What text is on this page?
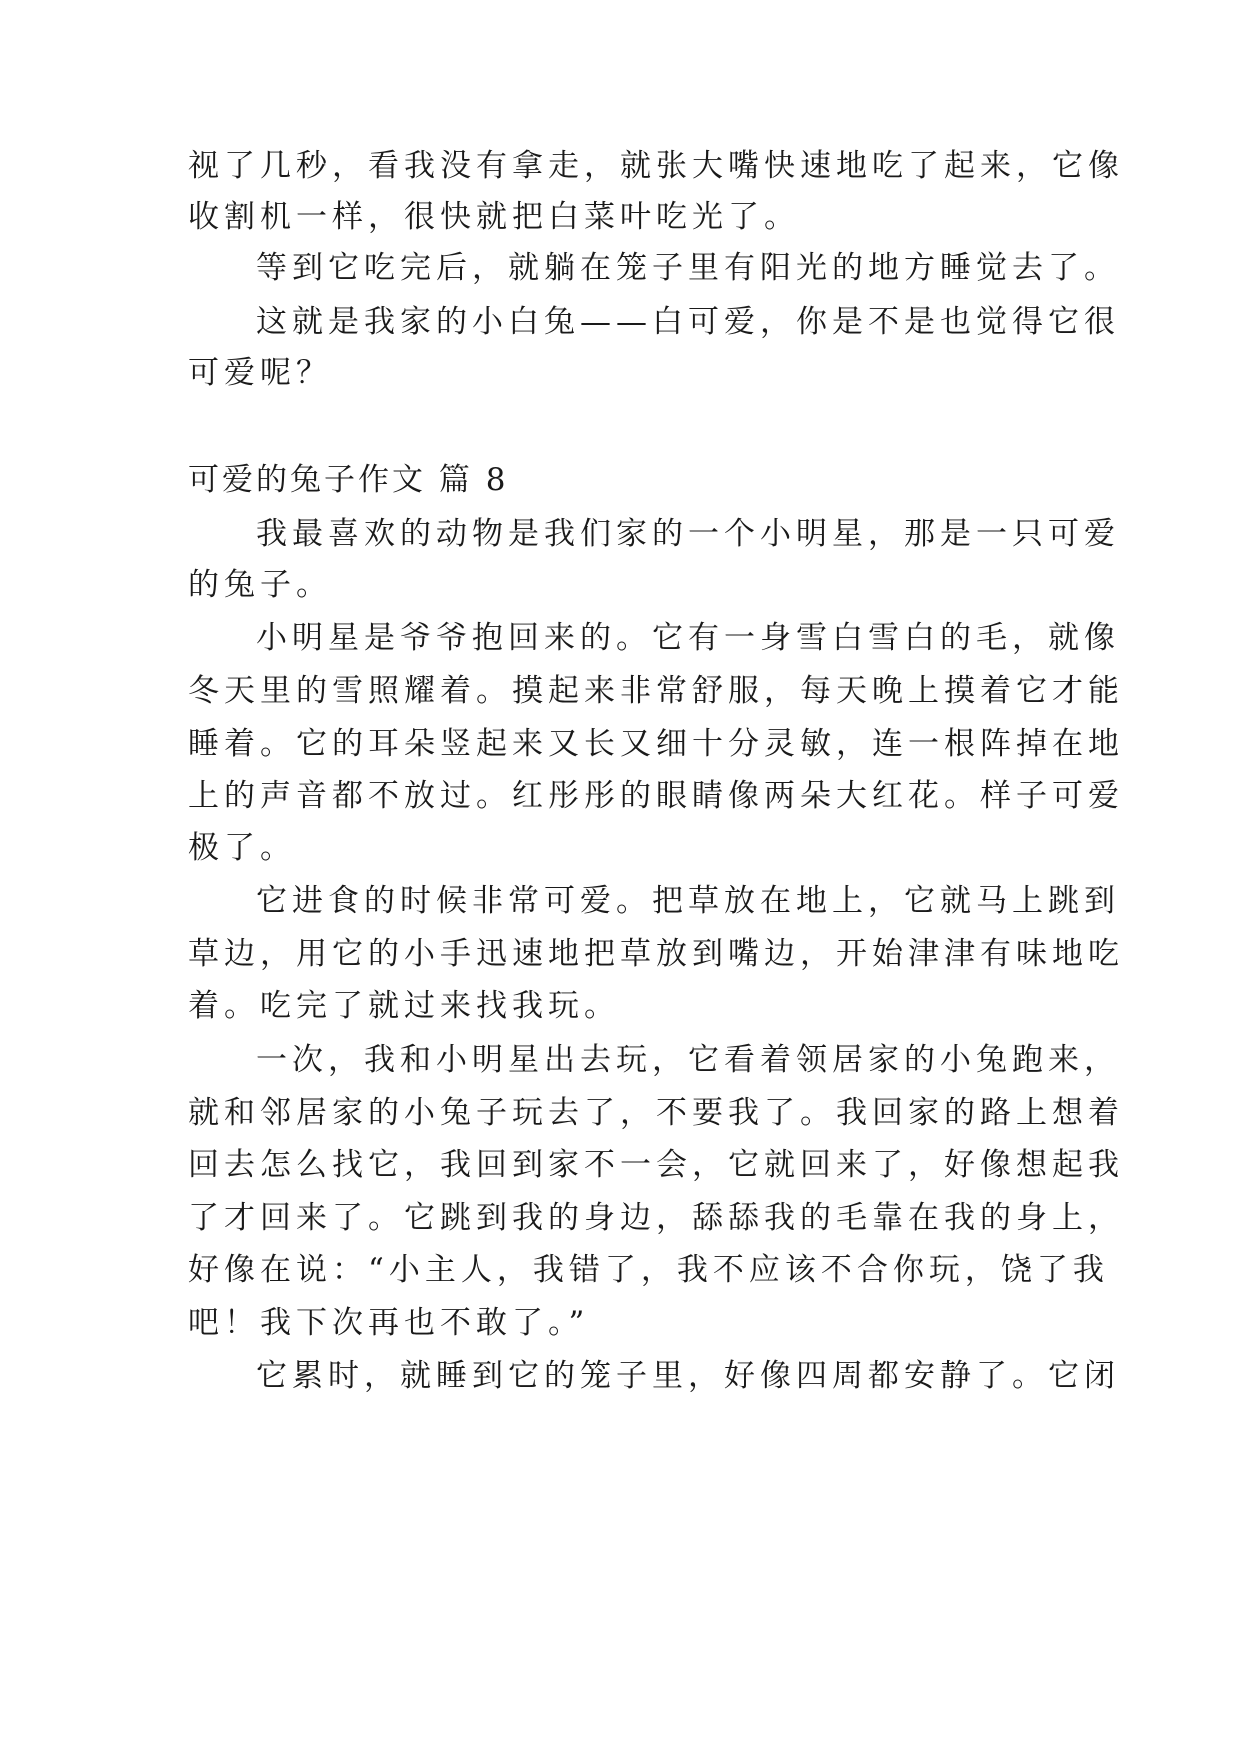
视了几秒，看我没有拿走，就张大嘴快速地吃了起来，它像
收割机一样，很快就把白菜叶吃光了。
等到它吃完后，就躺在笼子里有阳光的地方睡觉去了。
这就是我家的小白兔——白可爱，你是不是也觉得它很
可爱呢？
可爱的兔子作文 篇 8
我最喜欢的动物是我们家的一个小明星，那是一只可爱
的兔子。
小明星是爷爷抱回来的。它有一身雪白雪白的毛，就像
冬天里的雪照耀着。摸起来非常舒服，每天晚上摸着它才能
睡着。它的耳朵竖起来又长又细十分灵敏，连一根阵掉在地
上的声音都不放过。红彤彤的眼睛像两朵大红花。样子可爱
极了。
它进食的时候非常可爱。把草放在地上，它就马上跳到
草边，用它的小手迅速地把草放到嘴边，开始津津有味地吃
着。吃完了就过来找我玩。
一次，我和小明星出去玩，它看着领居家的小兔跑来，
就和邻居家的小兔子玩去了，不要我了。我回家的路上想着
回去怎么找它，我回到家不一会，它就回来了，好像想起我
了才回来了。它跳到我的身边，舔舔我的毛靠在我的身上，
好像在说：“小主人，我错了，我不应该不合你玩，饶了我
吧！我下次再也不敢了。”
它累时，就睡到它的笼子里，好像四周都安静了。它闭
